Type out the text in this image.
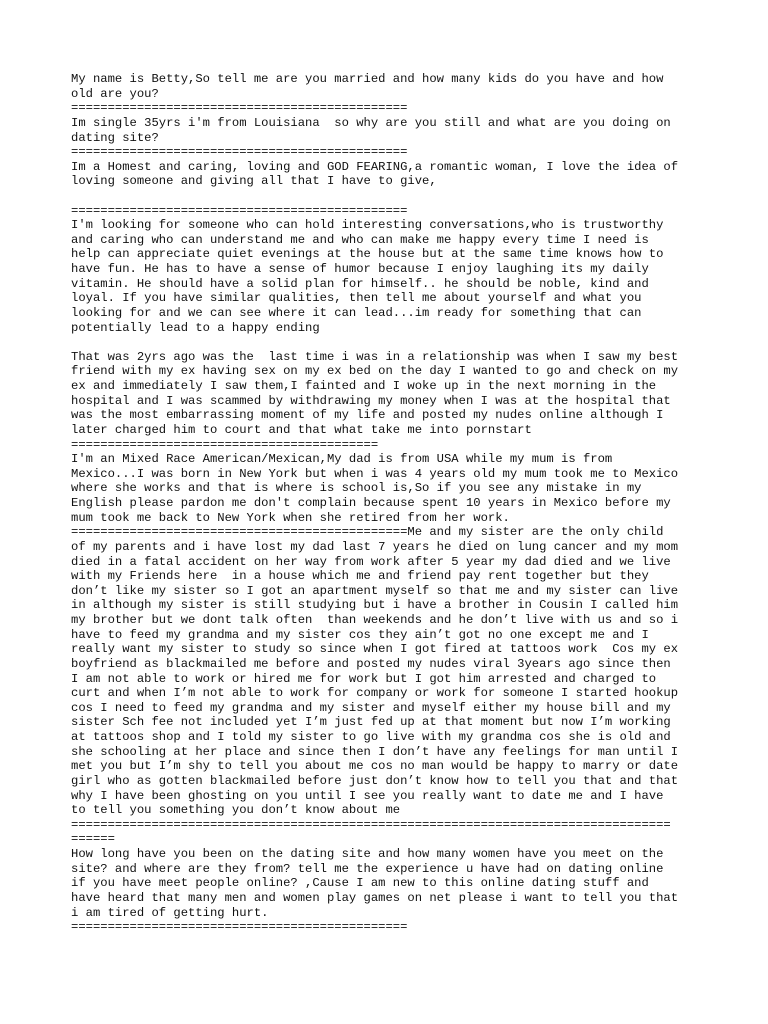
My name is Betty,So tell me are you married and how many kids do you have and how
old are you?
==============================================
Im single 35yrs i'm from Louisiana  so why are you still and what are you doing on
dating site?
==============================================
Im a Homest and caring, loving and GOD FEARING,a romantic woman, I love the idea of
loving someone and giving all that I have to give,
==============================================
I'm looking for someone who can hold interesting conversations,who is trustworthy
and caring who can understand me and who can make me happy every time I need is
help can appreciate quiet evenings at the house but at the same time knows how to
have fun. He has to have a sense of humor because I enjoy laughing its my daily
vitamin. He should have a solid plan for himself.. he should be noble, kind and
loyal. If you have similar qualities, then tell me about yourself and what you
looking for and we can see where it can lead...im ready for something that can
potentially lead to a happy ending
That was 2yrs ago was the  last time i was in a relationship was when I saw my best
friend with my ex having sex on my ex bed on the day I wanted to go and check on my
ex and immediately I saw them,I fainted and I woke up in the next morning in the
hospital and I was scammed by withdrawing my money when I was at the hospital that
was the most embarrassing moment of my life and posted my nudes online although I
later charged him to court and that what take me into pornstart
==========================================
I'm an Mixed Race American/Mexican,My dad is from USA while my mum is from
Mexico...I was born in New York but when i was 4 years old my mum took me to Mexico
where she works and that is where is school is,So if you see any mistake in my
English please pardon me don't complain because spent 10 years in Mexico before my
mum took me back to New York when she retired from her work.
==============================================Me and my sister are the only child
of my parents and i have lost my dad last 7 years he died on lung cancer and my mom
died in a fatal accident on her way from work after 5 year my dad died and we live
with my Friends here  in a house which me and friend pay rent together but they
don’t like my sister so I got an apartment myself so that me and my sister can live
in although my sister is still studying but i have a brother in Cousin I called him
my brother but we dont talk often  than weekends and he don’t live with us and so i
have to feed my grandma and my sister cos they ain’t got no one except me and I
really want my sister to study so since when I got fired at tattoos work  Cos my ex
boyfriend as blackmailed me before and posted my nudes viral 3years ago since then
I am not able to work or hired me for work but I got him arrested and charged to
curt and when I’m not able to work for company or work for someone I started hookup
cos I need to feed my grandma and my sister and myself either my house bill and my
sister Sch fee not included yet I’m just fed up at that moment but now I’m working
at tattoos shop and I told my sister to go live with my grandma cos she is old and
she schooling at her place and since then I don’t have any feelings for man until I
met you but I’m shy to tell you about me cos no man would be happy to marry or date
girl who as gotten blackmailed before just don’t know how to tell you that and that
why I have been ghosting on you until I see you really want to date me and I have
to tell you something you don’t know about me
==================================================================================
======
How long have you been on the dating site and how many women have you meet on the
site? and where are they from? tell me the experience u have had on dating online
if you have meet people online? ,Cause I am new to this online dating stuff and
have heard that many men and women play games on net please i want to tell you that
i am tired of getting hurt.
==============================================
